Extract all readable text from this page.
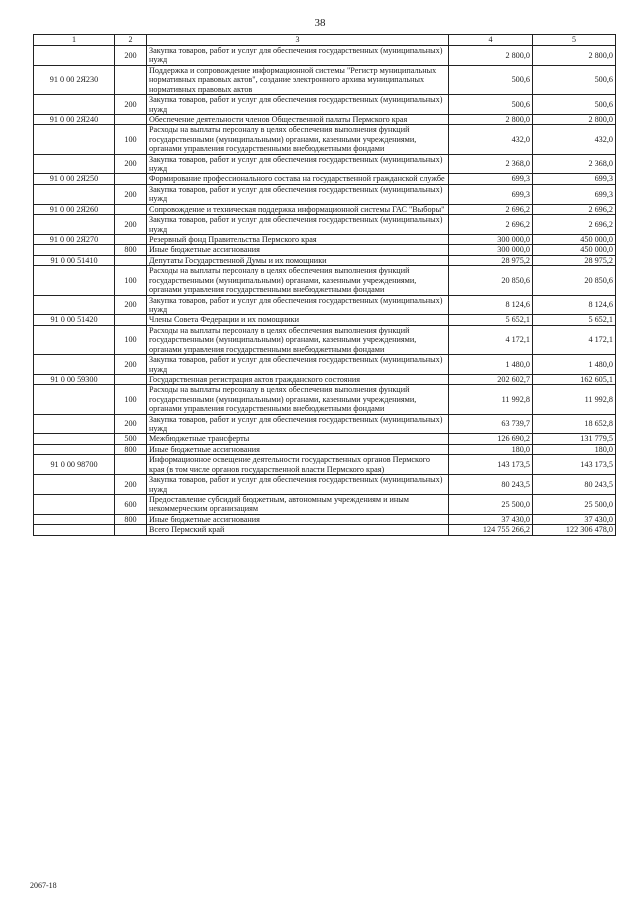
38
1	2	3	4	5
	200	Закупка товаров, работ и услуг для обеспечения государственных (муниципальных) нужд	2 800,0	2 800,0
91 0 00 2Я230		Поддержка и сопровождение информационной системы "Регистр муниципальных нормативных правовых актов", создание электронного архива муниципальных нормативных правовых актов	500,6	500,6
	200	Закупка товаров, работ и услуг для обеспечения государственных (муниципальных) нужд	500,6	500,6
91 0 00 2Я240		Обеспечение деятельности членов Общественной палаты Пермского края	2 800,0	2 800,0
	100	Расходы на выплаты персоналу в целях обеспечения выполнения функций государственными (муниципальными) органами, казенными учреждениями, органами управления государственными внебюджетными фондами	432,0	432,0
	200	Закупка товаров, работ и услуг для обеспечения государственных (муниципальных) нужд	2 368,0	2 368,0
91 0 00 2Я250		Формирование профессионального состава на государственной гражданской службе	699,3	699,3
	200	Закупка товаров, работ и услуг для обеспечения государственных (муниципальных) нужд	699,3	699,3
91 0 00 2Я260		Сопровождение и техническая поддержка информационной системы ГАС "Выборы"	2 696,2	2 696,2
	200	Закупка товаров, работ и услуг для обеспечения государственных (муниципальных) нужд	2 696,2	2 696,2
91 0 00 2Я270		Резервный фонд Правительства Пермского края	300 000,0	450 000,0
	800	Иные бюджетные ассигнования	300 000,0	450 000,0
91 0 00 51410		Депутаты Государственной Думы и их помощники	28 975,2	28 975,2
	100	Расходы на выплаты персоналу в целях обеспечения выполнения функций государственными (муниципальными) органами, казенными учреждениями, органами управления государственными внебюджетными фондами	20 850,6	20 850,6
	200	Закупка товаров, работ и услуг для обеспечения государственных (муниципальных) нужд	8 124,6	8 124,6
91 0 00 51420		Члены Совета Федерации и их помощники	5 652,1	5 652,1
	100	Расходы на выплаты персоналу в целях обеспечения выполнения функций государственными (муниципальными) органами, казенными учреждениями, органами управления государственными внебюджетными фондами	4 172,1	4 172,1
	200	Закупка товаров, работ и услуг для обеспечения государственных (муниципальных) нужд	1 480,0	1 480,0
91 0 00 59300		Государственная регистрация актов гражданского состояния	202 602,7	162 605,1
	100	Расходы на выплаты персоналу в целях обеспечения выполнения функций государственными (муниципальными) органами, казенными учреждениями, органами управления государственными внебюджетными фондами	11 992,8	11 992,8
	200	Закупка товаров, работ и услуг для обеспечения государственных (муниципальных) нужд	63 739,7	18 652,8
	500	Межбюджетные трансферты	126 690,2	131 779,5
	800	Иные бюджетные ассигнования	180,0	180,0
91 0 00 98700		Информационное освещение деятельности государственных органов Пермского края (в том числе органов государственной власти Пермского края)	143 173,5	143 173,5
	200	Закупка товаров, работ и услуг для обеспечения государственных (муниципальных) нужд	80 243,5	80 243,5
	600	Предоставление субсидий бюджетным, автономным учреждениям и иным некоммерческим организациям	25 500,0	25 500,0
	800	Иные бюджетные ассигнования	37 430,0	37 430,0
		Всего Пермский край	124 755 266,2	122 306 478,0
2067-18
